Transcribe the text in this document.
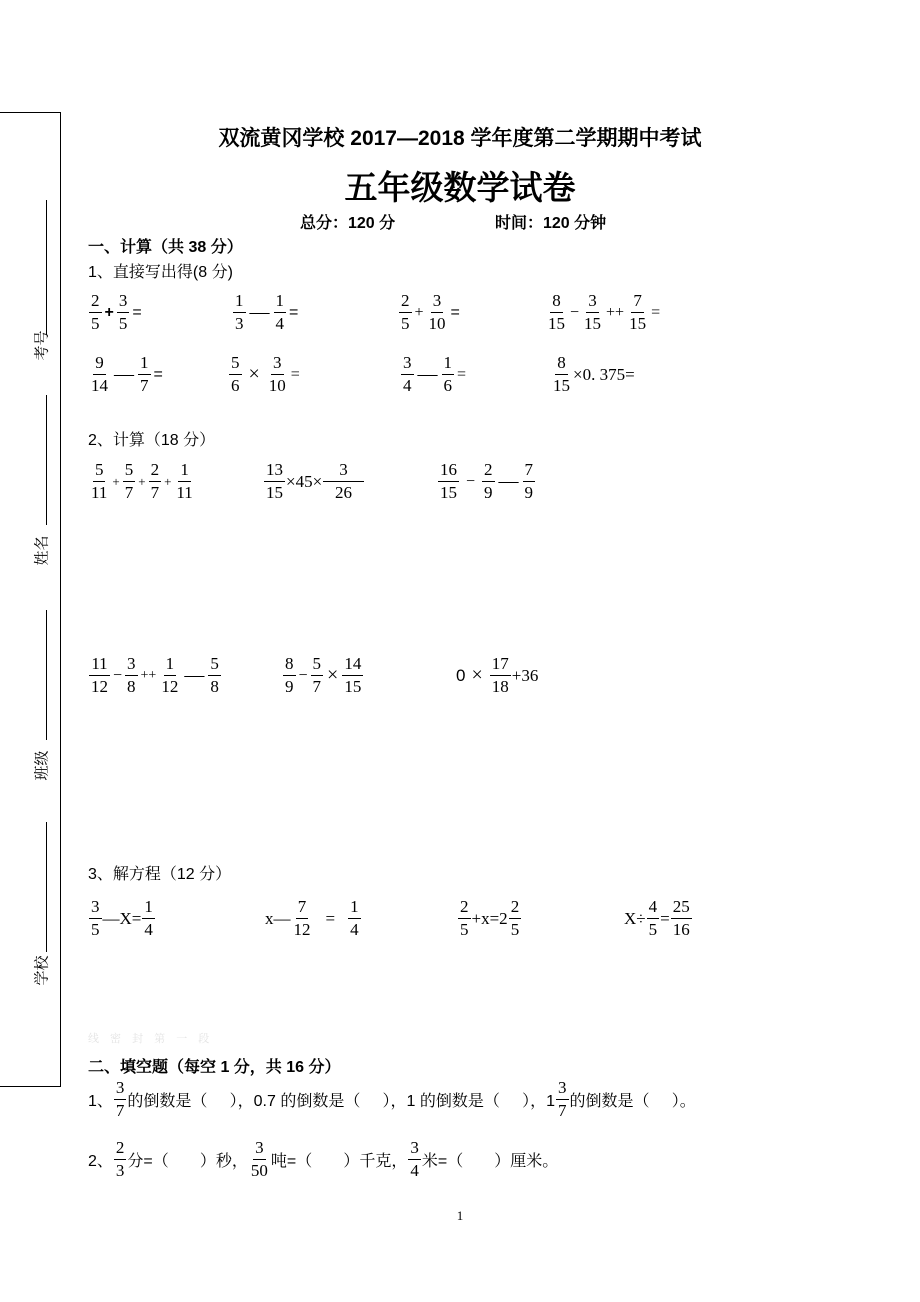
考号
姓名
班级
学校
双流黄冈学校 2017—2018 学年度第二学期期中考试
五年级数学试卷
总分：120 分	时间：120 分钟
一、计算（共 38 分）
1、直接写出得(8 分)
$\frac{2}{5} + \frac{3}{5}$ =	$\frac{1}{3}$ — $\frac{1}{4}$ =	$\frac{2}{5} + \frac{3}{10}$ =	$\frac{8}{15} - \frac{3}{15} ++ \frac{7}{15}$ =
$\frac{9}{14}$ — $\frac{1}{7}$ =	$\frac{5}{6} \times \frac{3}{10}$ =	$\frac{3}{4}$ — $\frac{1}{6}$ =	$\frac{8}{15} \times 0$. 375=
2、计算（18 分）
$\frac{5}{11} + \frac{5}{7} + \frac{2}{7} + \frac{1}{11}$	$\frac{13}{15} \times 45\times \frac{3}{26}$	$\frac{16}{15} - \frac{2}{9}$ — $\frac{7}{9}$
$\frac{11}{12} - \frac{3}{8} ++ \frac{1}{12}$ — $\frac{5}{8}$	$\frac{8}{9} - \frac{5}{7} \times \frac{14}{15}$	$0 \times \frac{17}{18} +36$
3、解方程（12 分）
$\frac{3}{5}$ —X= $\frac{1}{4}$	x— $\frac{7}{12} = \frac{1}{4}$	$\frac{2}{5} +x=2 \frac{2}{5}$	$X\div \frac{4}{5} = \frac{25}{16}$
线 密 封 第 一 段
二、填空题（每空 1 分，共 16 分）
1、 $\frac{3}{7}$ 的倒数是（     ），0.7 的倒数是（     ），1 的倒数是（     ），$1 \frac{3}{7}$ 的倒数是（     ）。
2、 $\frac{2}{3}$ 分=（       ）秒， $\frac{3}{50}$ 吨=（       ）千克， $\frac{3}{4}$ 米=（       ）厘米。
1
